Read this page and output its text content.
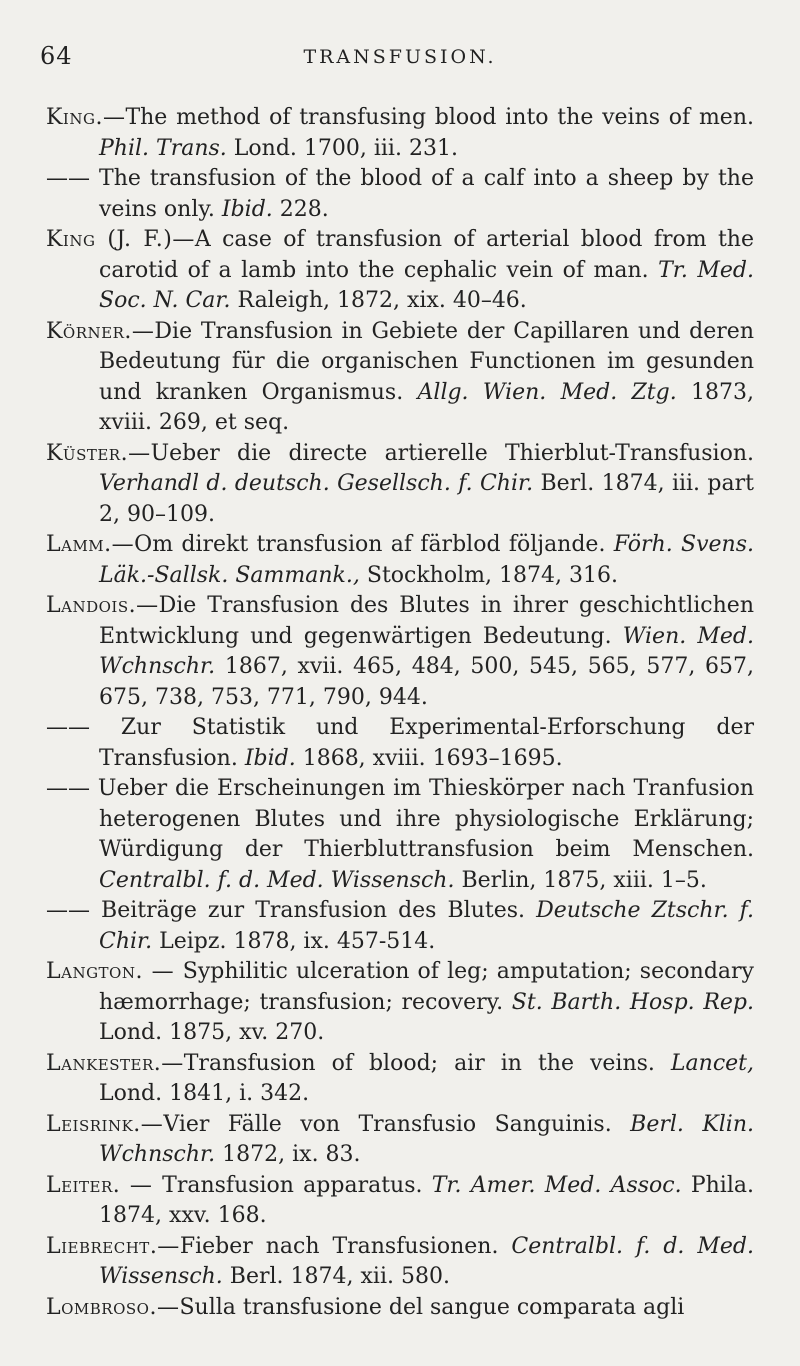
64	TRANSFUSION.

King.—The method of transfusing blood into the veins of men. Phil. Trans. Lond. 1700, iii. 231.

—— The transfusion of the blood of a calf into a sheep by the veins only. Ibid. 228.

King (J. F.)—A case of transfusion of arterial blood from the carotid of a lamb into the cephalic vein of man. Tr. Med. Soc. N. Car. Raleigh, 1872, xix. 40–46.

Körner.—Die Transfusion in Gebiete der Capillaren und deren Bedeutung für die organischen Functionen im gesunden und kranken Organismus. Allg. Wien. Med. Ztg. 1873, xviii. 269, et seq.

Küster.—Ueber die directe artierelle Thierblut-Transfusion. Verhandl d. deutsch. Gesellsch. f. Chir. Berl. 1874, iii. part 2, 90–109.

Lamm.—Om direkt transfusion af färblod följande. Förh. Svens. Läk.-Sallsk. Sammank., Stockholm, 1874, 316.

Landois.—Die Transfusion des Blutes in ihrer geschichtlichen Entwicklung und gegenwärtigen Bedeutung. Wien. Med. Wchnschr. 1867, xvii. 465, 484, 500, 545, 565, 577, 657, 675, 738, 753, 771, 790, 944.

—— Zur Statistik und Experimental-Erforschung der Transfusion. Ibid. 1868, xviii. 1693–1695.

—— Ueber die Erscheinungen im Thieskörper nach Tranfusion heterogenen Blutes und ihre physiologische Erklärung; Würdigung der Thierbluttransfusion beim Menschen. Centralbl. f. d. Med. Wissensch. Berlin, 1875, xiii. 1–5.

—— Beiträge zur Transfusion des Blutes. Deutsche Ztschr. f. Chir. Leipz. 1878, ix. 457-514.

Langton. — Syphilitic ulceration of leg; amputation; secondary hæmorrhage; transfusion; recovery. St. Barth. Hosp. Rep. Lond. 1875, xv. 270.

Lankester.—Transfusion of blood; air in the veins. Lancet, Lond. 1841, i. 342.

Leisrink.—Vier Fälle von Transfusio Sanguinis. Berl. Klin. Wchnschr. 1872, ix. 83.

Leiter. — Transfusion apparatus. Tr. Amer. Med. Assoc. Phila. 1874, xxv. 168.

Liebrecht.—Fieber nach Transfusionen. Centralbl. f. d. Med. Wissensch. Berl. 1874, xii. 580.

Lombroso.—Sulla transfusione del sangue comparata agli
